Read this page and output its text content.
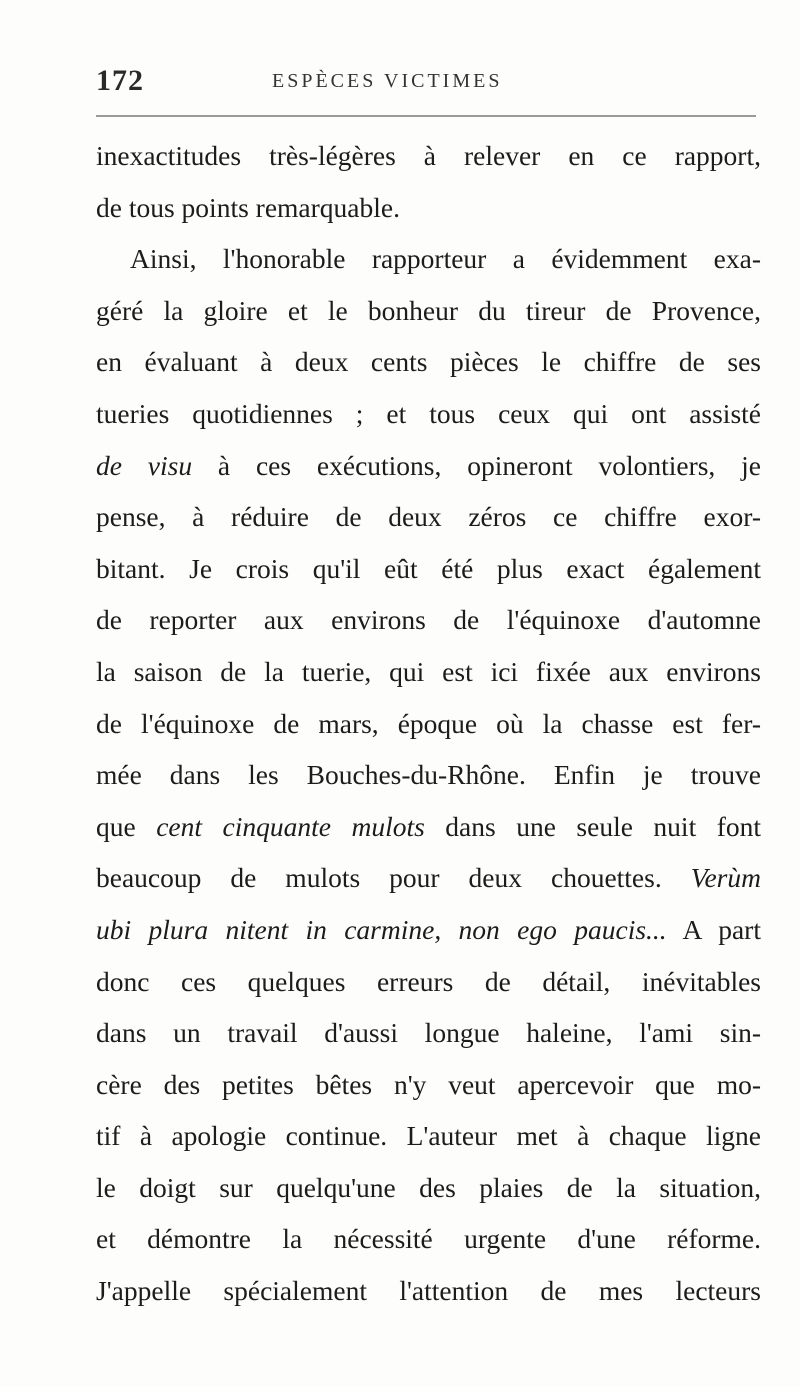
172	ESPÈCES VICTIMES
inexactitudes très-légères à relever en ce rapport,
de tous points remarquable.
Ainsi, l'honorable rapporteur a évidemment exa-
géré la gloire et le bonheur du tireur de Provence,
en évaluant à deux cents pièces le chiffre de ses
tueries quotidiennes ; et tous ceux qui ont assisté
de visu à ces exécutions, opineront volontiers, je
pense, à réduire de deux zéros ce chiffre exor-
bitant. Je crois qu'il eût été plus exact également
de reporter aux environs de l'équinoxe d'automne
la saison de la tuerie, qui est ici fixée aux environs
de l'équinoxe de mars, époque où la chasse est fer-
mée dans les Bouches-du-Rhône. Enfin je trouve
que cent cinquante mulots dans une seule nuit font
beaucoup de mulots pour deux chouettes. Verùm
ubi plura nitent in carmine, non ego paucis... A part
donc ces quelques erreurs de détail, inévitables
dans un travail d'aussi longue haleine, l'ami sin-
cère des petites bêtes n'y veut apercevoir que mo-
tif à apologie continue. L'auteur met à chaque ligne
le doigt sur quelqu'une des plaies de la situation,
et démontre la nécessité urgente d'une réforme.
J'appelle spécialement l'attention de mes lecteurs
